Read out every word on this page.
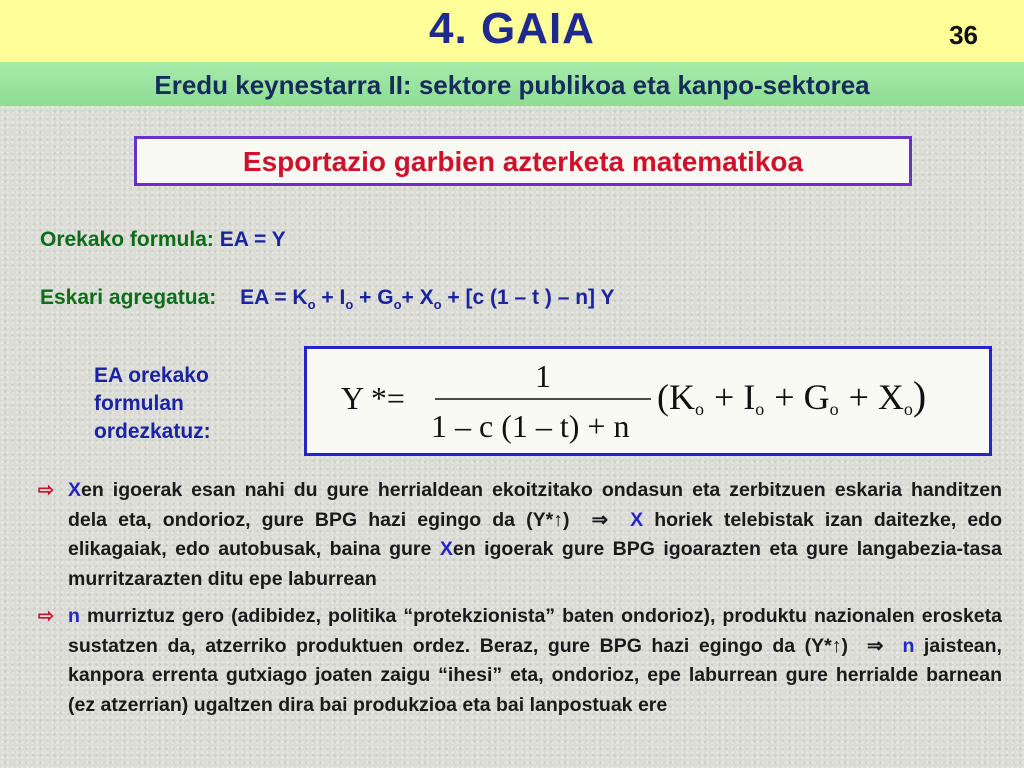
4. GAIA	36
Eredu keynestarra II: sektore publikoa eta kanpo-sektorea
Esportazio garbien azterketa matematikoa
Orekako formula: EA = Y
Eskari agregatua: EA = $K_o + I_o + G_o+ X_o + [c$ (1 – t ) – n] Y
EA orekako
formulan
ordezkatuz:
Y *=
1
1 – c (1 – t) + n
(Ko + Io + Go + Xo)
⇨ Xen igoerak esan nahi du gure herrialdean ekoitzitako ondasun eta zerbitzuen eskaria handitzen dela eta, ondorioz, gure BPG hazi egingo da (Y*↑) ⇒ X horiek telebistak izan daitezke, edo elikagaiak, edo autobusak, baina gure Xen igoerak gure BPG igoarazten eta gure langabezia-tasa murritzarazten ditu epe laburrean
⇨ n murriztuz gero (adibidez, politika “protekzionista” baten ondorioz), produktu nazionalen erosketa sustatzen da, atzerriko produktuen ordez. Beraz, gure BPG hazi egingo da (Y*↑) ⇒ n jaistean, kanpora errenta gutxiago joaten zaigu “ihesi” eta, ondorioz, epe laburrean gure herrialde barnean (ez atzerrian) ugaltzen dira bai produkzioa eta bai lanpostuak ere
